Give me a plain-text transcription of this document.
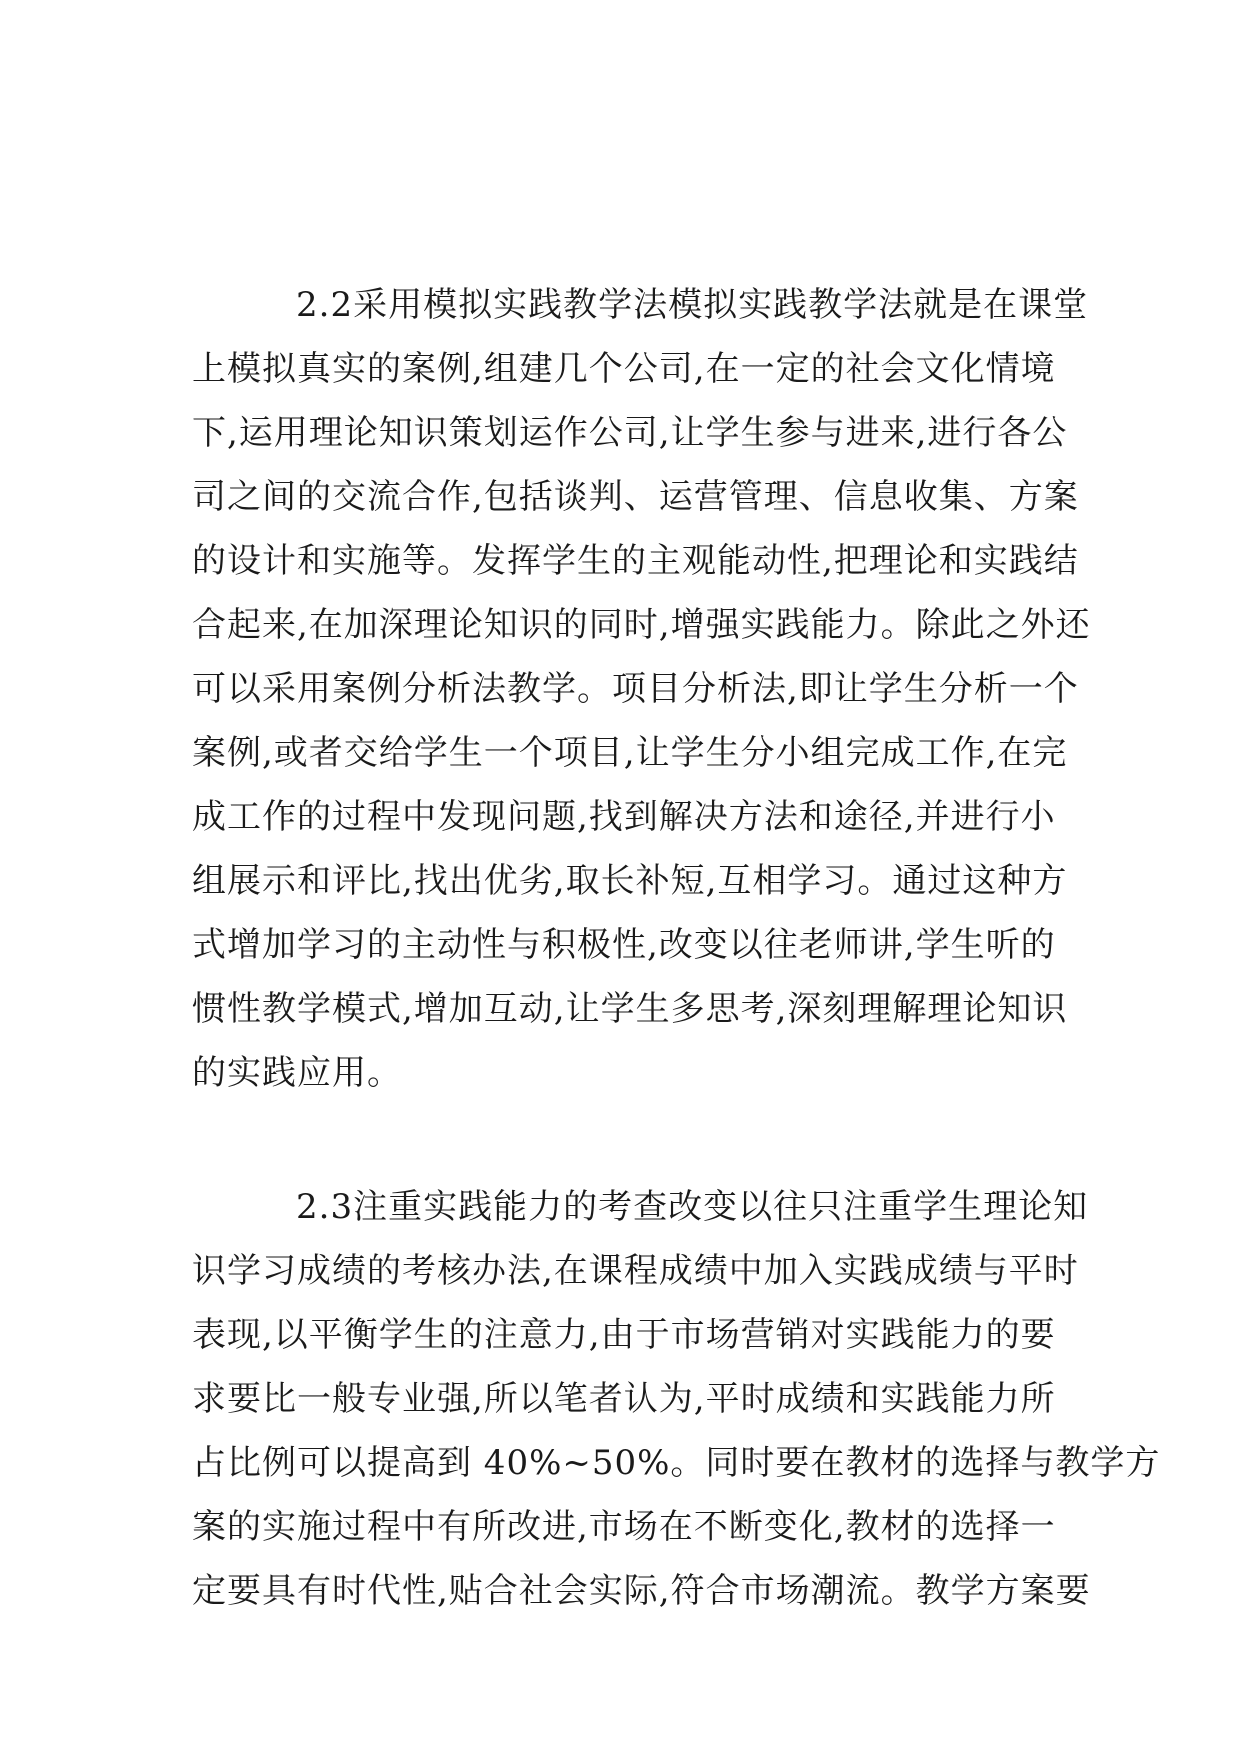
2.2采用模拟实践教学法模拟实践教学法就是在课堂
上模拟真实的案例,组建几个公司,在一定的社会文化情境
下,运用理论知识策划运作公司,让学生参与进来,进行各公
司之间的交流合作,包括谈判、运营管理、信息收集、方案
的设计和实施等。发挥学生的主观能动性,把理论和实践结
合起来,在加深理论知识的同时,增强实践能力。除此之外还
可以采用案例分析法教学。项目分析法,即让学生分析一个
案例,或者交给学生一个项目,让学生分小组完成工作,在完
成工作的过程中发现问题,找到解决方法和途径,并进行小
组展示和评比,找出优劣,取长补短,互相学习。通过这种方
式增加学习的主动性与积极性,改变以往老师讲,学生听的
惯性教学模式,增加互动,让学生多思考,深刻理解理论知识
的实践应用。
2.3注重实践能力的考查改变以往只注重学生理论知
识学习成绩的考核办法,在课程成绩中加入实践成绩与平时
表现,以平衡学生的注意力,由于市场营销对实践能力的要
求要比一般专业强,所以笔者认为,平时成绩和实践能力所
占比例可以提高到 40%~50%。同时要在教材的选择与教学方
案的实施过程中有所改进,市场在不断变化,教材的选择一
定要具有时代性,贴合社会实际,符合市场潮流。教学方案要
